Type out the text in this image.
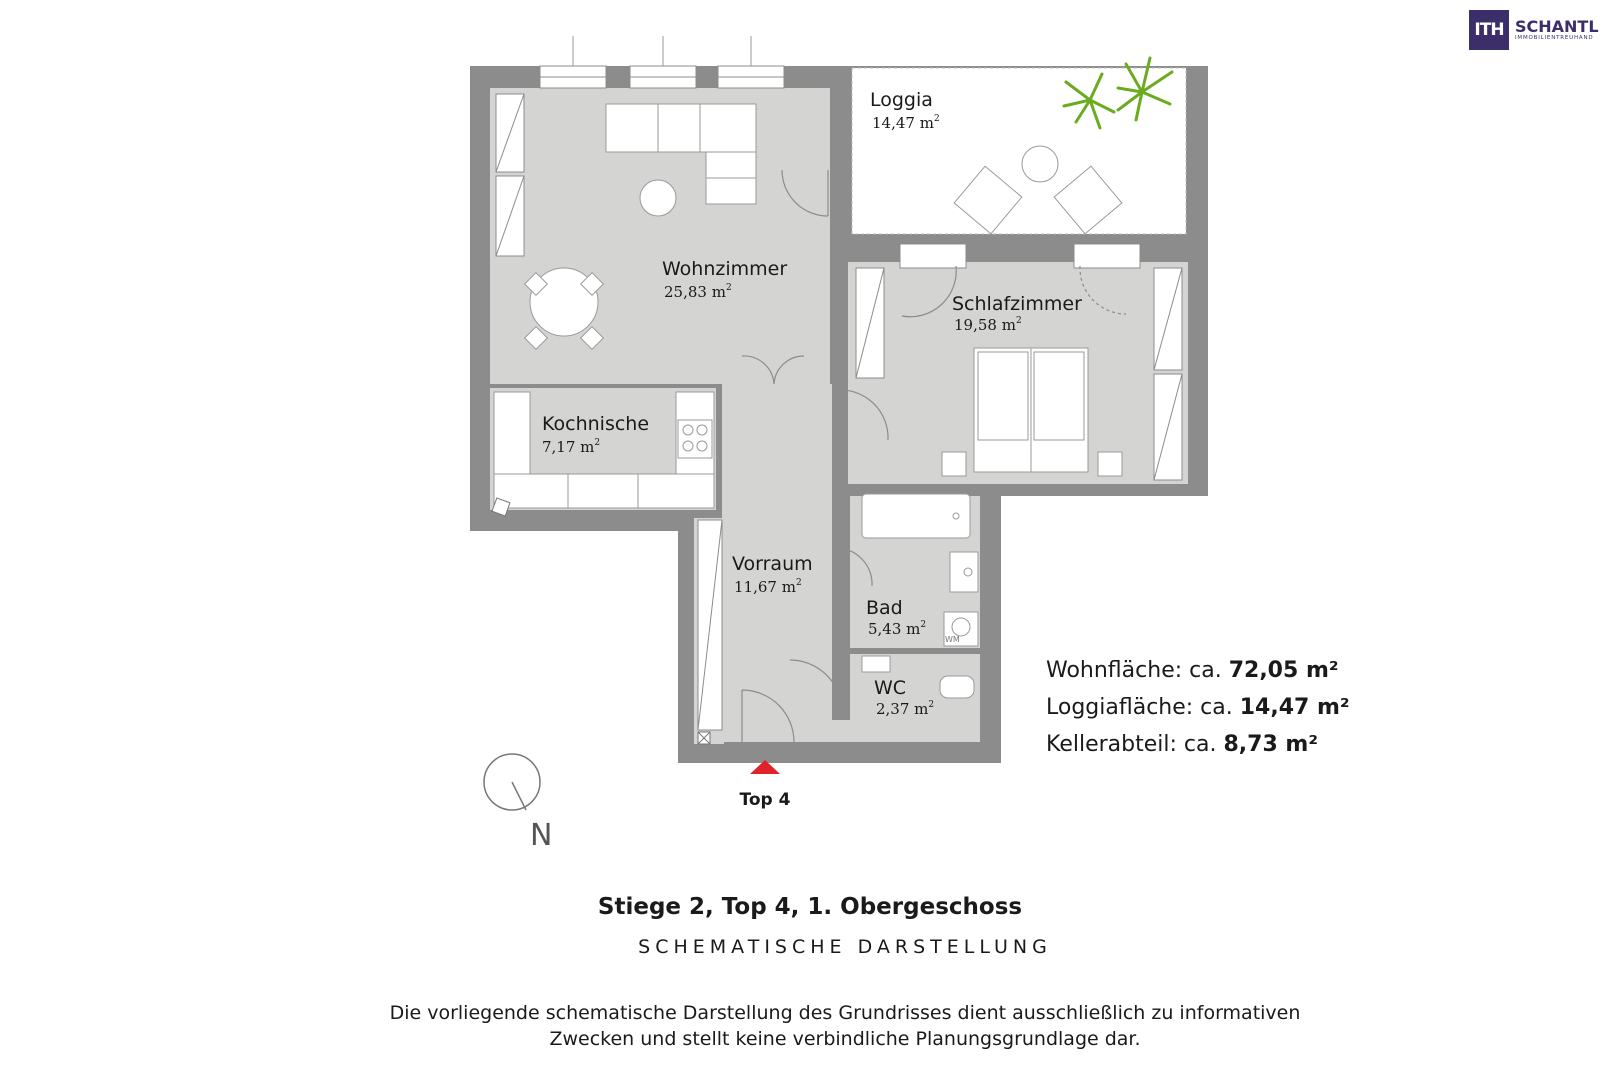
ITH SCHANTL
IMMOBILIENTREUHAND
Loggia
14,47 $m^2$
Wohnzimmer
25,83 $m^2$
Schlafzimmer
19,58 $m^2$
Kochnische
7,17 $m^2$
Vorraum
11,67 $m^2$
Bad
5,43 $m^2$
WC
2,37 $m^2$
WM
N
Top 4
Wohnfläche: ca. 72,05 m²
Loggiafläche: ca. 14,47 m²
Kellerabteil: ca. 8,73 m²
Stiege 2, Top 4, 1. Obergeschoss
SCHEMATISCHE DARSTELLUNG
Die vorliegende schematische Darstellung des Grundrisses dient ausschließlich zu informativen
Zwecken und stellt keine verbindliche Planungsgrundlage dar.
